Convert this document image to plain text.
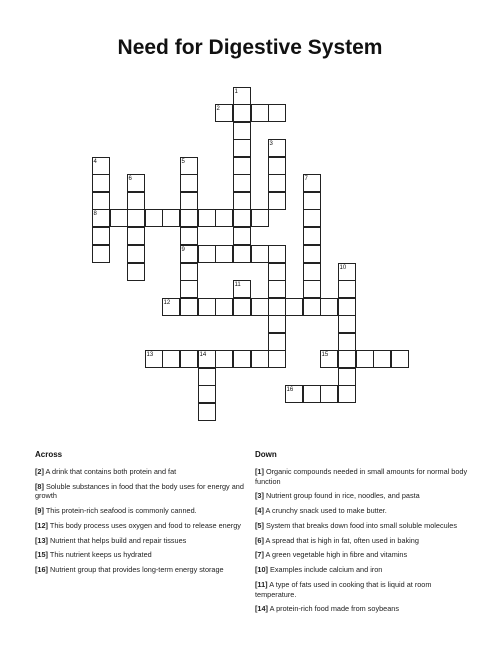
Need for Digestive System
1
2
3
4	5
6	7
8
9
10
11
12
13	14	15
16
Across	Down
[2] A drink that contains both protein and fat
[8] Soluble substances in food that the body uses for energy and growth
[9] This protein-rich seafood is commonly canned.
[12] This body process uses oxygen and food to release energy
[13] Nutrient that helps build and repair tissues
[15] This nutrient keeps us hydrated
[16] Nutrient group that provides long-term energy storage
[1] Organic compounds needed in small amounts for normal body function
[3] Nutrient group found in rice, noodles, and pasta
[4] A crunchy snack used to make butter.
[5] System that breaks down food into small soluble molecules
[6] A spread that is high in fat, often used in baking
[7] A green vegetable high in fibre and vitamins
[10] Examples include calcium and iron
[11] A type of fats used in cooking that is liquid at room temperature.
[14] A protein-rich food made from soybeans
